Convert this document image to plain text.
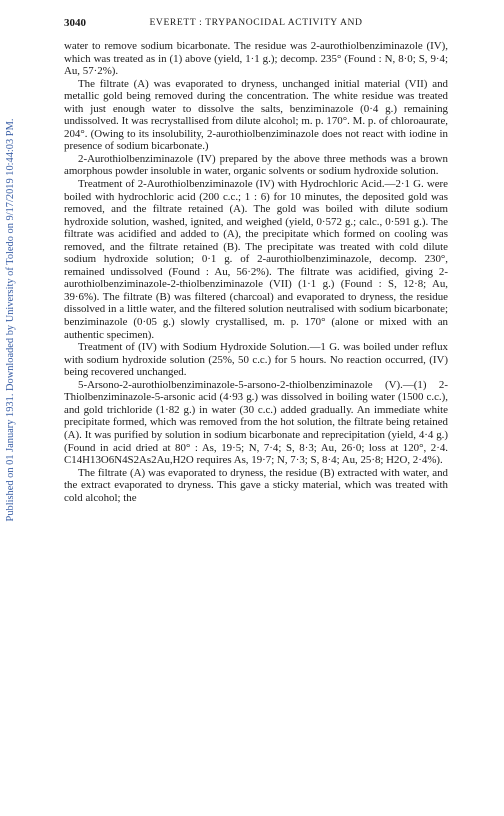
Published on 01 January 1931. Downloaded by University of Toledo on 9/17/2019 10:44:03 PM.
3040	EVERETT : TRYPANOCIDAL ACTIVITY AND

water to remove sodium bicarbonate. The residue was 2-aurothiolbenziminazole (IV), which was treated as in (1) above (yield, 1·1 g.); decomp. 235° (Found : N, 8·0; S, 9·4; Au, 57·2%).

The filtrate (A) was evaporated to dryness, unchanged initial material (VII) and metallic gold being removed during the concentration. The white residue was treated with just enough water to dissolve the salts, benziminazole (0·4 g.) remaining undissolved. It was recrystallised from dilute alcohol; m. p. 170°. M. p. of chloroaurate, 204°. (Owing to its insolubility, 2-aurothiolbenziminazole does not react with iodine in presence of sodium bicarbonate.)

2-Aurothiolbenziminazole (IV) prepared by the above three methods was a brown amorphous powder insoluble in water, organic solvents or sodium hydroxide solution.

Treatment of 2-Aurothiolbenziminazole (IV) with Hydrochloric Acid.—2·1 G. were boiled with hydrochloric acid (200 c.c.; 1 : 6) for 10 minutes, the deposited gold was removed, and the filtrate retained (A). The gold was boiled with dilute sodium hydroxide solution, washed, ignited, and weighed (yield, 0·572 g.; calc., 0·591 g.). The filtrate was acidified and added to (A), the precipitate which formed on cooling was removed, and the filtrate retained (B). The precipitate was treated with cold dilute sodium hydroxide solution; 0·1 g. of 2-aurothiolbenziminazole, decomp. 230°, remained undissolved (Found : Au, 56·2%). The filtrate was acidified, giving 2-aurothiolbenziminazole-2-thiolbenziminazole (VII) (1·1 g.) (Found : S, 12·8; Au, 39·6%). The filtrate (B) was filtered (charcoal) and evaporated to dryness, the residue dissolved in a little water, and the filtered solution neutralised with sodium bicarbonate; benziminazole (0·05 g.) slowly crystallised, m. p. 170° (alone or mixed with an authentic specimen).

Treatment of (IV) with Sodium Hydroxide Solution.—1 G. was boiled under reflux with sodium hydroxide solution (25%, 50 c.c.) for 5 hours. No reaction occurred, (IV) being recovered unchanged.

5-Arsono-2-aurothiolbenziminazole-5-arsono-2-thiolbenziminazole (V).—(1) 2-Thiolbenziminazole-5-arsonic acid (4·93 g.) was dissolved in boiling water (1500 c.c.), and gold trichloride (1·82 g.) in water (30 c.c.) added gradually. An immediate white precipitate formed, which was removed from the hot solution, the filtrate being retained (A). It was purified by solution in sodium bicarbonate and reprecipitation (yield, 4·4 g.) (Found in acid dried at 80° : As, 19·5; N, 7·4; S, 8·3; Au, 26·0; loss at 120°, 2·4. C14H13O6N4S2As2Au,H2O requires As, 19·7; N, 7·3; S, 8·4; Au, 25·8; H2O, 2·4%).

The filtrate (A) was evaporated to dryness, the residue (B) extracted with water, and the extract evaporated to dryness. This gave a sticky material, which was treated with cold alcohol; the
